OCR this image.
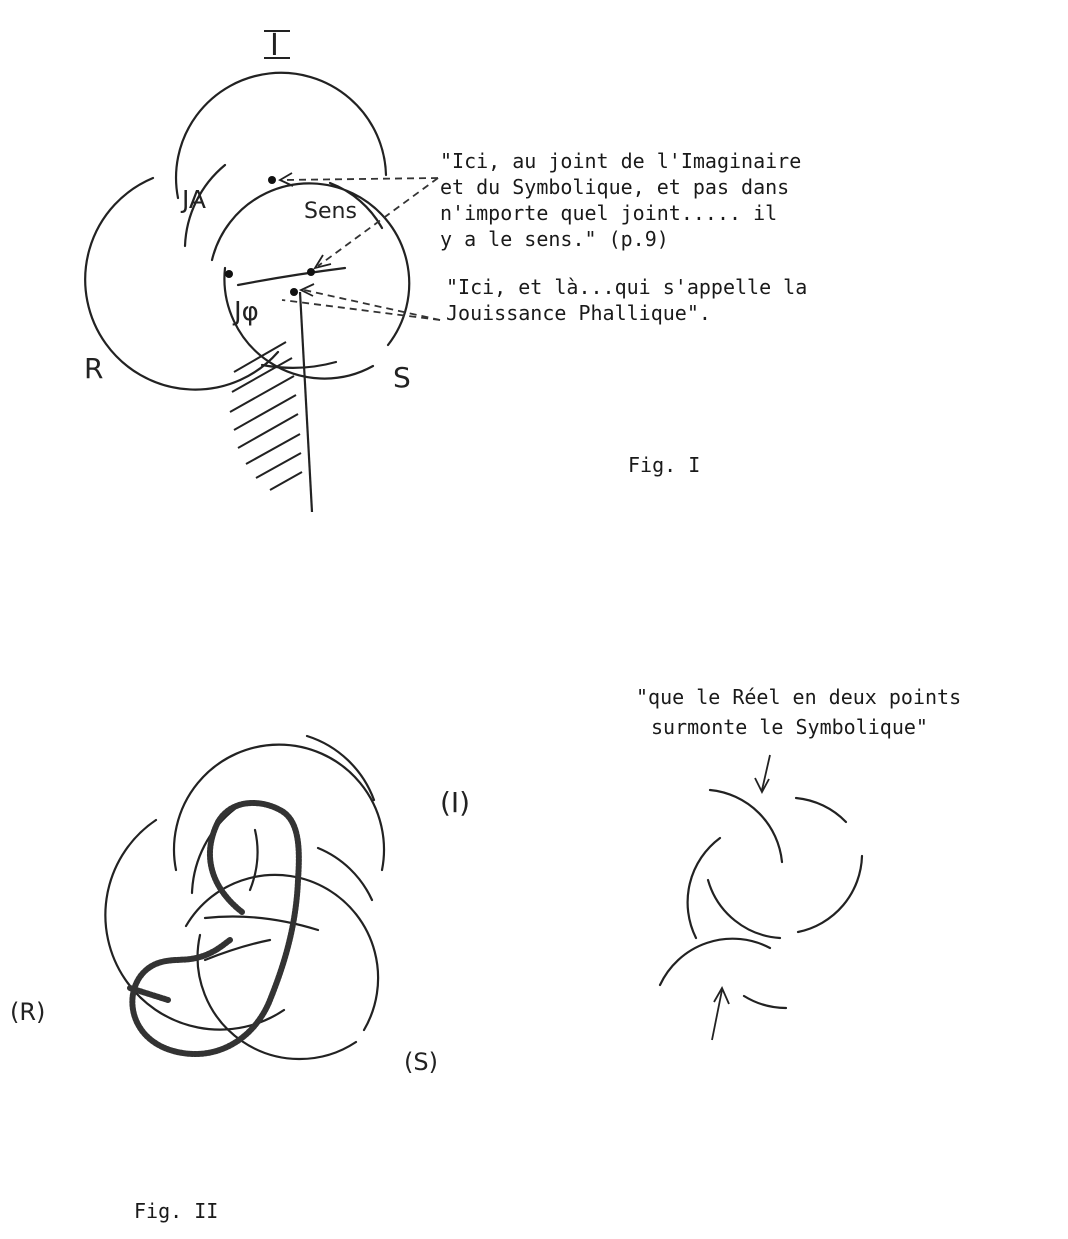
I
JA	Sens
Jφ
R	S
"Ici, au joint de l'Imaginaire et du Symbolique, et pas dans n'importe quel joint..... il y a le sens." (p.9)
"Ici, et là...qui s'appelle la Jouissance Phallique".
Fig. I
(I)
(R)
(S)
"que le Réel en deux points surmonte le Symbolique"
Fig. II
